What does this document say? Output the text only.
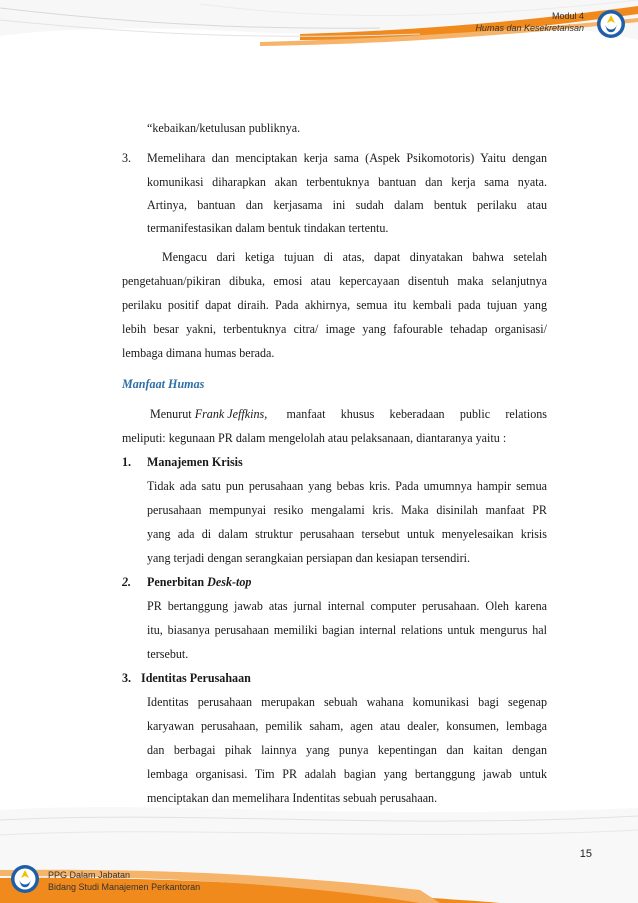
Modul 4
Humas dan Kesekretarisan
“kebaikan/ketulusan publiknya.
3. Memelihara dan menciptakan kerja sama (Aspek Psikomotoris) Yaitu dengan
komunikasi diharapkan akan terbentuknya bantuan dan kerja sama nyata.
Artinya, bantuan dan kerjasama ini sudah dalam bentuk perilaku atau
termanifestasikan dalam bentuk tindakan tertentu.
Mengacu dari ketiga tujuan di atas, dapat dinyatakan bahwa setelah
pengetahuan/pikiran dibuka, emosi atau kepercayaan disentuh maka selanjutnya
perilaku positif dapat diraih. Pada akhirnya, semua itu kembali pada tujuan yang
lebih besar yakni, terbentuknya citra/ image yang fafourable tehadap organisasi/
lembaga dimana humas berada.
Manfaat Humas
Menurut Frank Jeffkins, manfaat khusus keberadaan public relations
meliputi: kegunaan PR dalam mengelolah atau pelaksanaan, diantaranya yaitu :
1. Manajemen Krisis
Tidak ada satu pun perusahaan yang bebas kris. Pada umumnya hampir semua
perusahaan mempunyai resiko mengalami kris. Maka disinilah manfaat PR
yang ada di dalam struktur perusahaan tersebut untuk menyelesaikan krisis
yang terjadi dengan serangkaian persiapan dan kesiapan tersendiri.
2. Penerbitan Desk-top
PR bertanggung jawab atas jurnal internal computer perusahaan. Oleh karena
itu, biasanya perusahaan memiliki bagian internal relations untuk mengurus hal
tersebut.
3. Identitas Perusahaan
Identitas perusahaan merupakan sebuah wahana komunikasi bagi segenap
karyawan perusahaan, pemilik saham, agen atau dealer, konsumen, lembaga
dan berbagai pihak lainnya yang punya kepentingan dan kaitan dengan
lembaga organisasi. Tim PR adalah bagian yang bertanggung jawab untuk
menciptakan dan memelihara Indentitas sebuah perusahaan.
15
PPG Dalam Jabatan
Bidang Studi Manajemen Perkantoran
